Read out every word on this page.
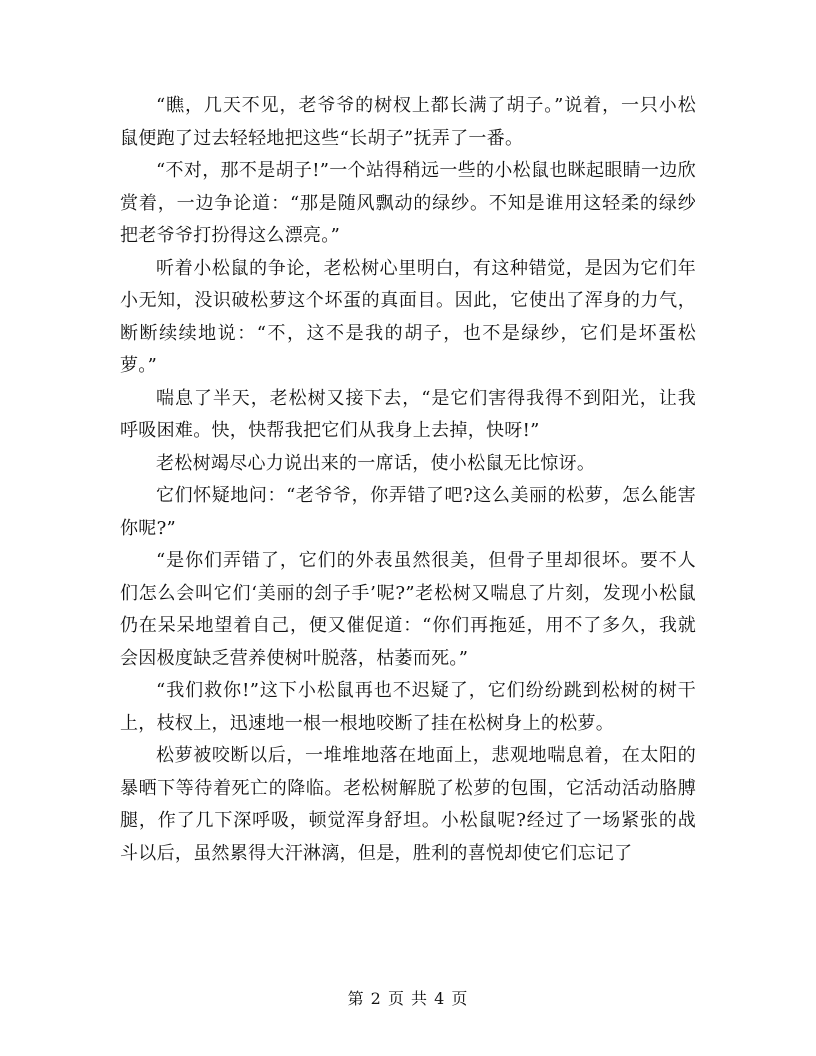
“瞧，几天不见，老爷爷的树杈上都长满了胡子。”说着，一只小松鼠便跑了过去轻轻地把这些“长胡子”抚弄了一番。

“不对，那不是胡子!”一个站得稍远一些的小松鼠也眯起眼睛一边欣赏着，一边争论道：“那是随风飘动的绿纱。不知是谁用这轻柔的绿纱把老爷爷打扮得这么漂亮。”

听着小松鼠的争论，老松树心里明白，有这种错觉，是因为它们年小无知，没识破松萝这个坏蛋的真面目。因此，它使出了浑身的力气，断断续续地说：“不，这不是我的胡子，也不是绿纱，它们是坏蛋松萝。”

喘息了半天，老松树又接下去，“是它们害得我得不到阳光，让我呼吸困难。快，快帮我把它们从我身上去掉，快呀!”

老松树竭尽心力说出来的一席话，使小松鼠无比惊讶。

它们怀疑地问：“老爷爷，你弄错了吧?这么美丽的松萝，怎么能害你呢?”

“是你们弄错了，它们的外表虽然很美，但骨子里却很坏。要不人们怎么会叫它们‘美丽的刽子手’呢?”老松树又喘息了片刻，发现小松鼠仍在呆呆地望着自己，便又催促道：“你们再拖延，用不了多久，我就会因极度缺乏营养使树叶脱落，枯萎而死。”

“我们救你!”这下小松鼠再也不迟疑了，它们纷纷跳到松树的树干上，枝杈上，迅速地一根一根地咬断了挂在松树身上的松萝。

松萝被咬断以后，一堆堆地落在地面上，悲观地喘息着，在太阳的暴晒下等待着死亡的降临。老松树解脱了松萝的包围，它活动活动胳膊腿，作了几下深呼吸，顿觉浑身舒坦。小松鼠呢?经过了一场紧张的战斗以后，虽然累得大汗淋漓，但是，胜利的喜悦却使它们忘记了

第 2 页 共 4 页
